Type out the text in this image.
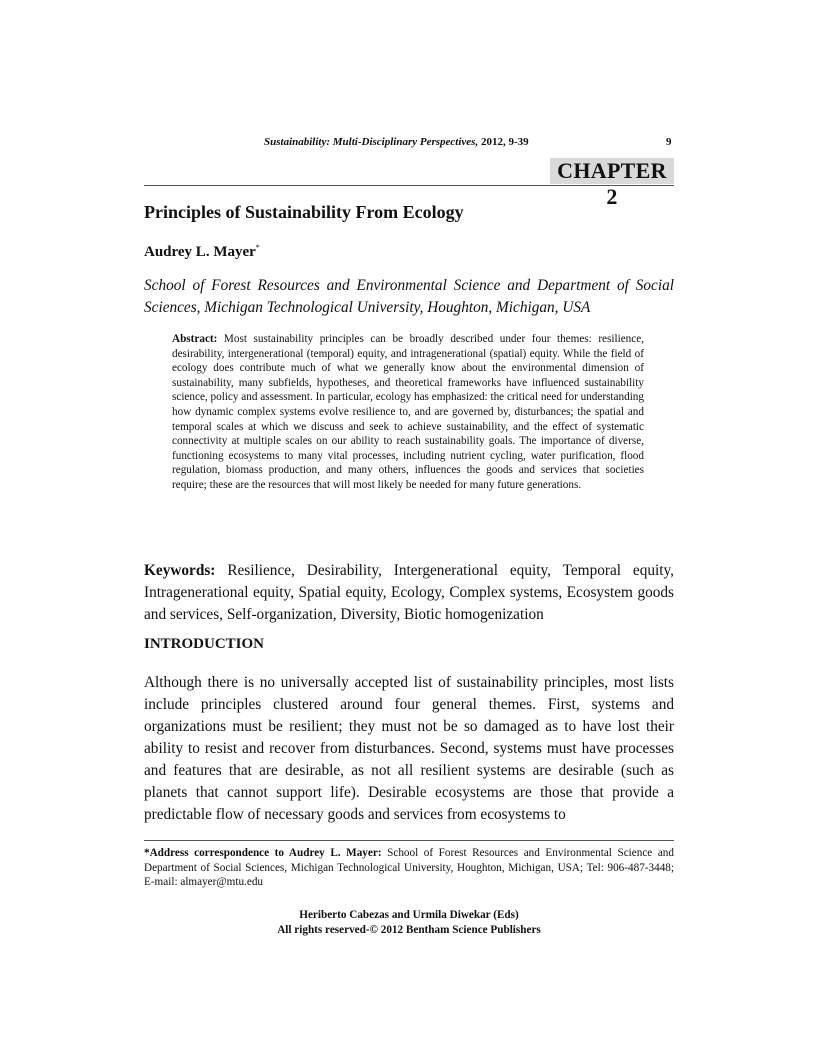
Sustainability: Multi-Disciplinary Perspectives, 2012, 9-39	9
CHAPTER 2
Principles of Sustainability From Ecology
Audrey L. Mayer*
School of Forest Resources and Environmental Science and Department of Social Sciences, Michigan Technological University, Houghton, Michigan, USA
Abstract: Most sustainability principles can be broadly described under four themes: resilience, desirability, intergenerational (temporal) equity, and intragenerational (spatial) equity. While the field of ecology does contribute much of what we generally know about the environmental dimension of sustainability, many subfields, hypotheses, and theoretical frameworks have influenced sustainability science, policy and assessment. In particular, ecology has emphasized: the critical need for understanding how dynamic complex systems evolve resilience to, and are governed by, disturbances; the spatial and temporal scales at which we discuss and seek to achieve sustainability, and the effect of systematic connectivity at multiple scales on our ability to reach sustainability goals. The importance of diverse, functioning ecosystems to many vital processes, including nutrient cycling, water purification, flood regulation, biomass production, and many others, influences the goods and services that societies require; these are the resources that will most likely be needed for many future generations.
Keywords: Resilience, Desirability, Intergenerational equity, Temporal equity, Intragenerational equity, Spatial equity, Ecology, Complex systems, Ecosystem goods and services, Self-organization, Diversity, Biotic homogenization
INTRODUCTION
Although there is no universally accepted list of sustainability principles, most lists include principles clustered around four general themes. First, systems and organizations must be resilient; they must not be so damaged as to have lost their ability to resist and recover from disturbances. Second, systems must have processes and features that are desirable, as not all resilient systems are desirable (such as planets that cannot support life). Desirable ecosystems are those that provide a predictable flow of necessary goods and services from ecosystems to
*Address correspondence to Audrey L. Mayer: School of Forest Resources and Environmental Science and Department of Social Sciences, Michigan Technological University, Houghton, Michigan, USA; Tel: 906-487-3448; E-mail: almayer@mtu.edu
Heriberto Cabezas and Urmila Diwekar (Eds)
All rights reserved-© 2012 Bentham Science Publishers
